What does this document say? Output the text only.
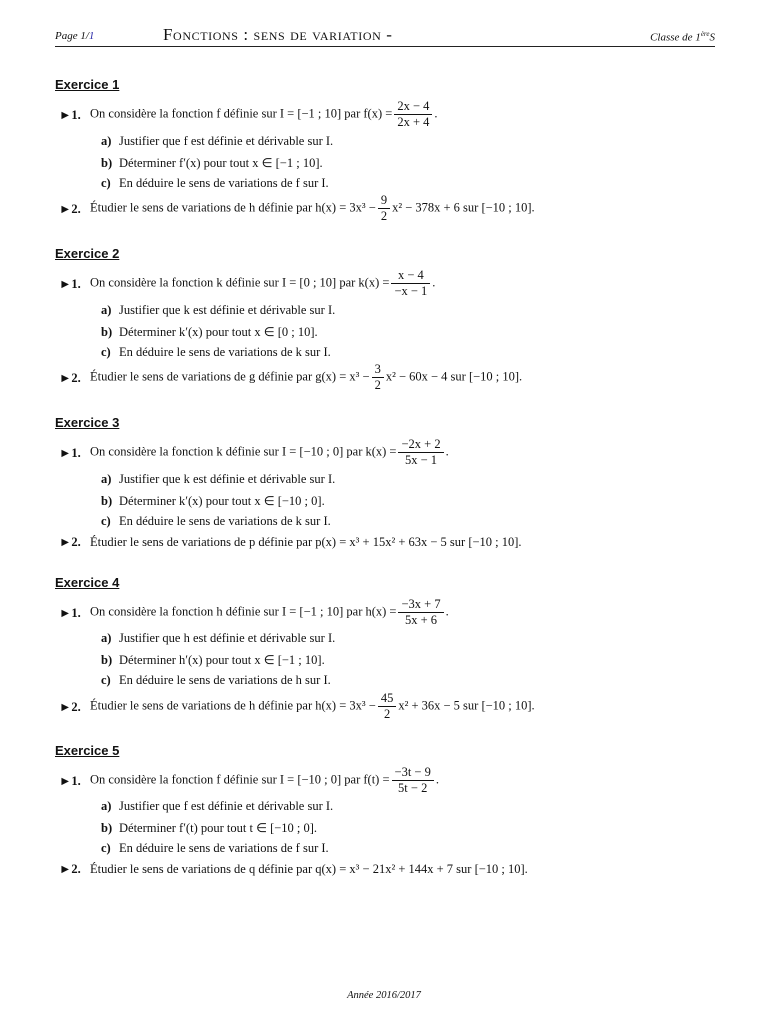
Page 1/1	Fonctions : sens de variation -	Classe de 1èreS
Exercice 1
►1. On considère la fonction f définie sur I = [−1 ; 10] par $f(x) = \frac{2x - 4}{2x + 4}$ .
a) Justifier que f est définie et dérivable sur I.
b) Déterminer f′(x) pour tout x ∈ [−1 ; 10].
c) En déduire le sens de variations de f sur I.
►2. Étudier le sens de variations de h définie par $h(x) = 3x^3 - \frac{9}{2} x^2 - 378x + 6$ sur [−10 ; 10].
Exercice 2
►1. On considère la fonction k définie sur I = [0 ; 10] par $k(x) = \frac{x - 4}{-x - 1}$ .
a) Justifier que k est définie et dérivable sur I.
b) Déterminer k′(x) pour tout x ∈ [0 ; 10].
c) En déduire le sens de variations de k sur I.
►2. Étudier le sens de variations de g définie par $g(x) = x^3 - \frac{3}{2} x^2 - 60x - 4$ sur [−10 ; 10].
Exercice 3
►1. On considère la fonction k définie sur I = [−10 ; 0] par $k(x) = \frac{-2x + 2}{5x - 1}$ .
a) Justifier que k est définie et dérivable sur I.
b) Déterminer k′(x) pour tout x ∈ [−10 ; 0].
c) En déduire le sens de variations de k sur I.
►2. Étudier le sens de variations de p définie par p(x) = x³ + 15x² + 63x − 5 sur [−10 ; 10].
Exercice 4
►1. On considère la fonction h définie sur I = [−1 ; 10] par $h(x) = \frac{-3x + 7}{5x + 6}$ .
a) Justifier que h est définie et dérivable sur I.
b) Déterminer h′(x) pour tout x ∈ [−1 ; 10].
c) En déduire le sens de variations de h sur I.
►2. Étudier le sens de variations de h définie par $h(x) = 3x^3 - \frac{45}{2} x^2 + 36x - 5$ sur [−10 ; 10].
Exercice 5
►1. On considère la fonction f définie sur I = [−10 ; 0] par $f(t) = \frac{-3t - 9}{5t - 2}$ .
a) Justifier que f est définie et dérivable sur I.
b) Déterminer f′(t) pour tout t ∈ [−10 ; 0].
c) En déduire le sens de variations de f sur I.
►2. Étudier le sens de variations de q définie par q(x) = x³ − 21x² + 144x + 7 sur [−10 ; 10].
Année 2016/2017
